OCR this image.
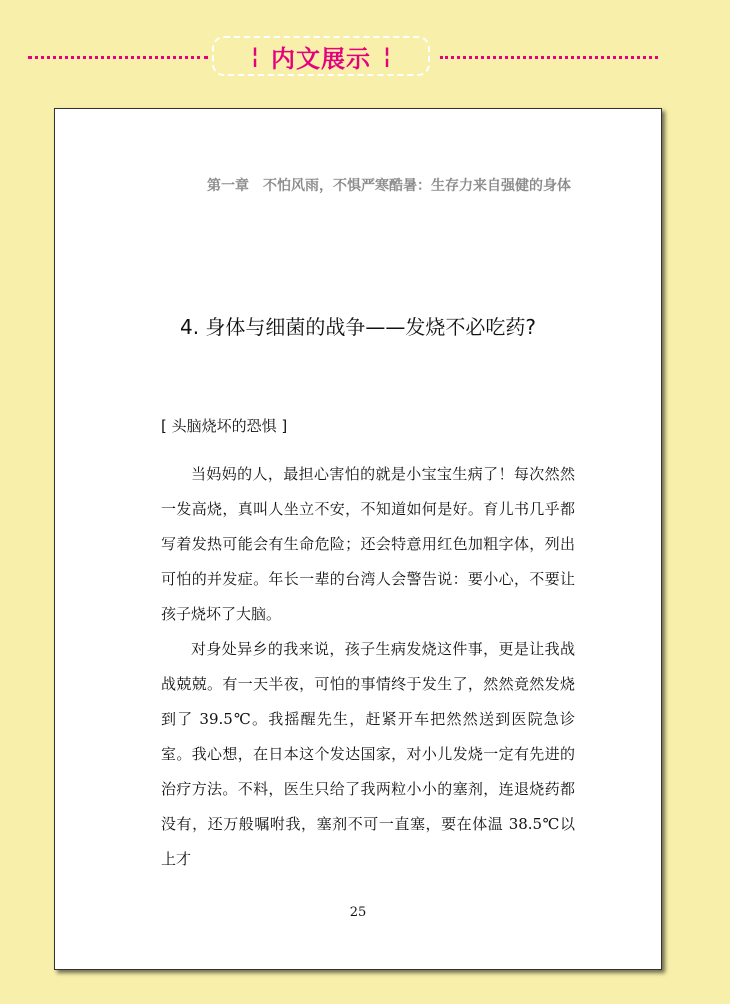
¦ 内文展示 ¦
第一章　不怕风雨，不惧严寒酷暑：生存力来自强健的身体
4. 身体与细菌的战争——发烧不必吃药?
[ 头脑烧坏的恐惧 ]

当妈妈的人，最担心害怕的就是小宝宝生病了！每次然然一发高烧，真叫人坐立不安，不知道如何是好。育儿书几乎都写着发热可能会有生命危险；还会特意用红色加粗字体，列出可怕的并发症。年长一辈的台湾人会警告说：要小心，不要让孩子烧坏了大脑。

对身处异乡的我来说，孩子生病发烧这件事，更是让我战战兢兢。有一天半夜，可怕的事情终于发生了，然然竟然发烧到了 39.5℃。我摇醒先生，赶紧开车把然然送到医院急诊室。我心想，在日本这个发达国家，对小儿发烧一定有先进的治疗方法。不料，医生只给了我两粒小小的塞剂，连退烧药都没有，还万般嘱咐我，塞剂不可一直塞，要在体温 38.5℃以上才

25
